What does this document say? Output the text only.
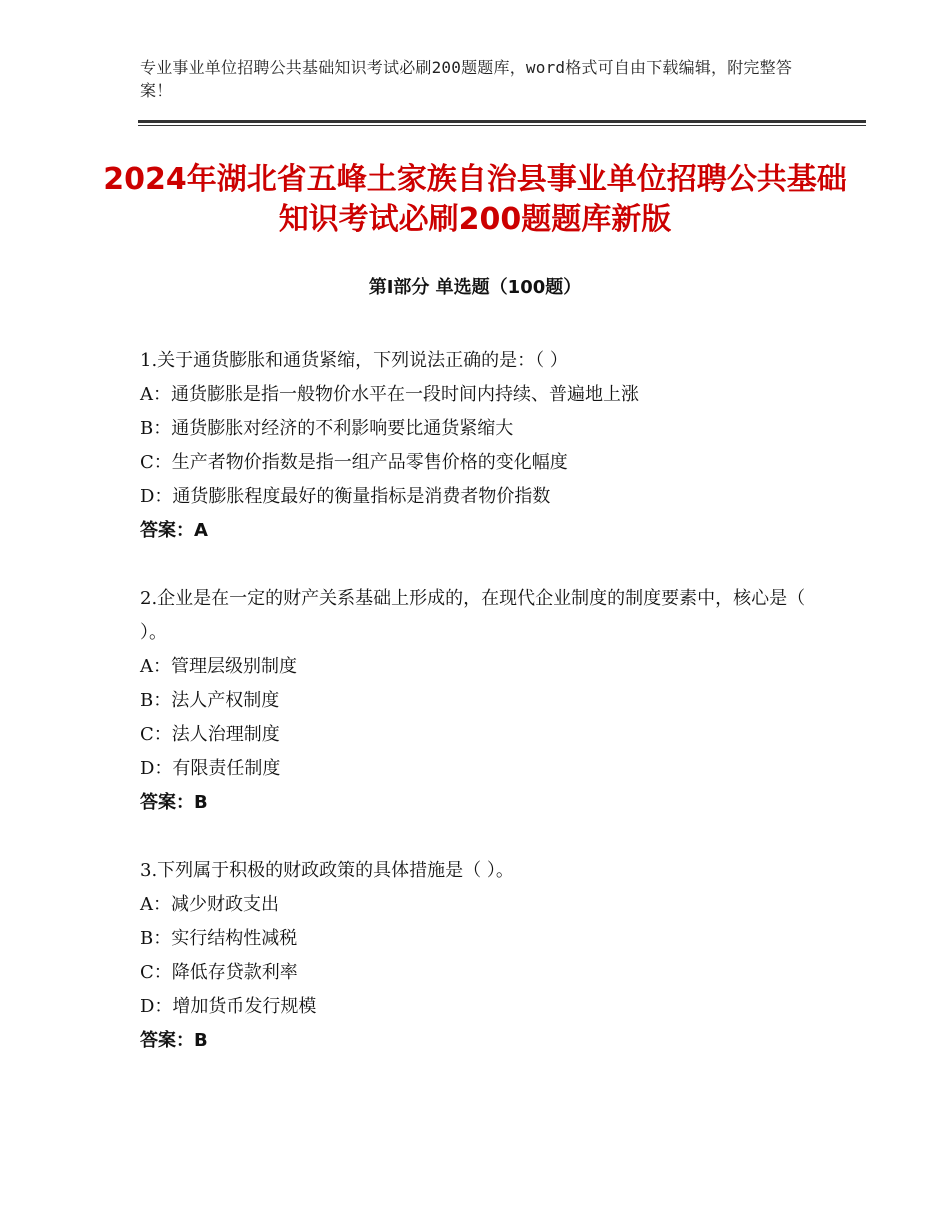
专业事业单位招聘公共基础知识考试必刷200题题库，word格式可自由下载编辑，附完整答案！
2024年湖北省五峰土家族自治县事业单位招聘公共基础知识考试必刷200题题库新版
第Ⅰ部分 单选题（100题）
1.关于通货膨胀和通货紧缩，下列说法正确的是：（ ）
A：通货膨胀是指一般物价水平在一段时间内持续、普遍地上涨
B：通货膨胀对经济的不利影响要比通货紧缩大
C：生产者物价指数是指一组产品零售价格的变化幅度
D：通货膨胀程度最好的衡量指标是消费者物价指数
答案：A
2.企业是在一定的财产关系基础上形成的，在现代企业制度的制度要素中，核心是（ ）。
A：管理层级别制度
B：法人产权制度
C：法人治理制度
D：有限责任制度
答案：B
3.下列属于积极的财政政策的具体措施是（ ）。
A：减少财政支出
B：实行结构性减税
C：降低存贷款利率
D：增加货币发行规模
答案：B
